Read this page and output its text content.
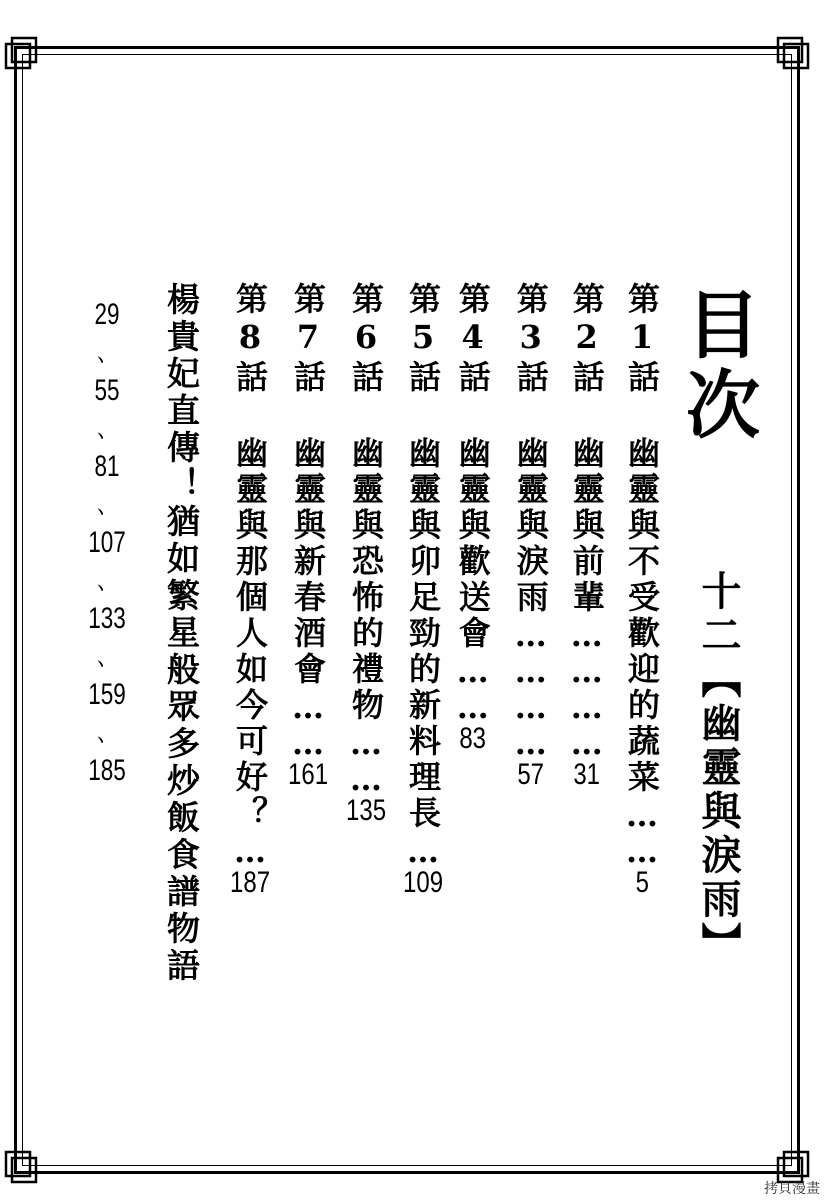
目次
十二【幽靈與淚雨】
第1話幽靈與不受歡迎的蔬菜……5
第2話幽靈與前輩…………31
第3話幽靈與淚雨…………57
第4話幽靈與歡送會……83
第5話幽靈與卯足勁的新料理長…109
第6話幽靈與恐怖的禮物……135
第7話幽靈與新春酒會……161
第8話幽靈與那個人如今可好？…187
楊貴妃直傳！猶如繁星般眾多炒飯食譜物語
29
、
55
、
81
、
107
、
133
、
159
、
185
拷貝漫畫
